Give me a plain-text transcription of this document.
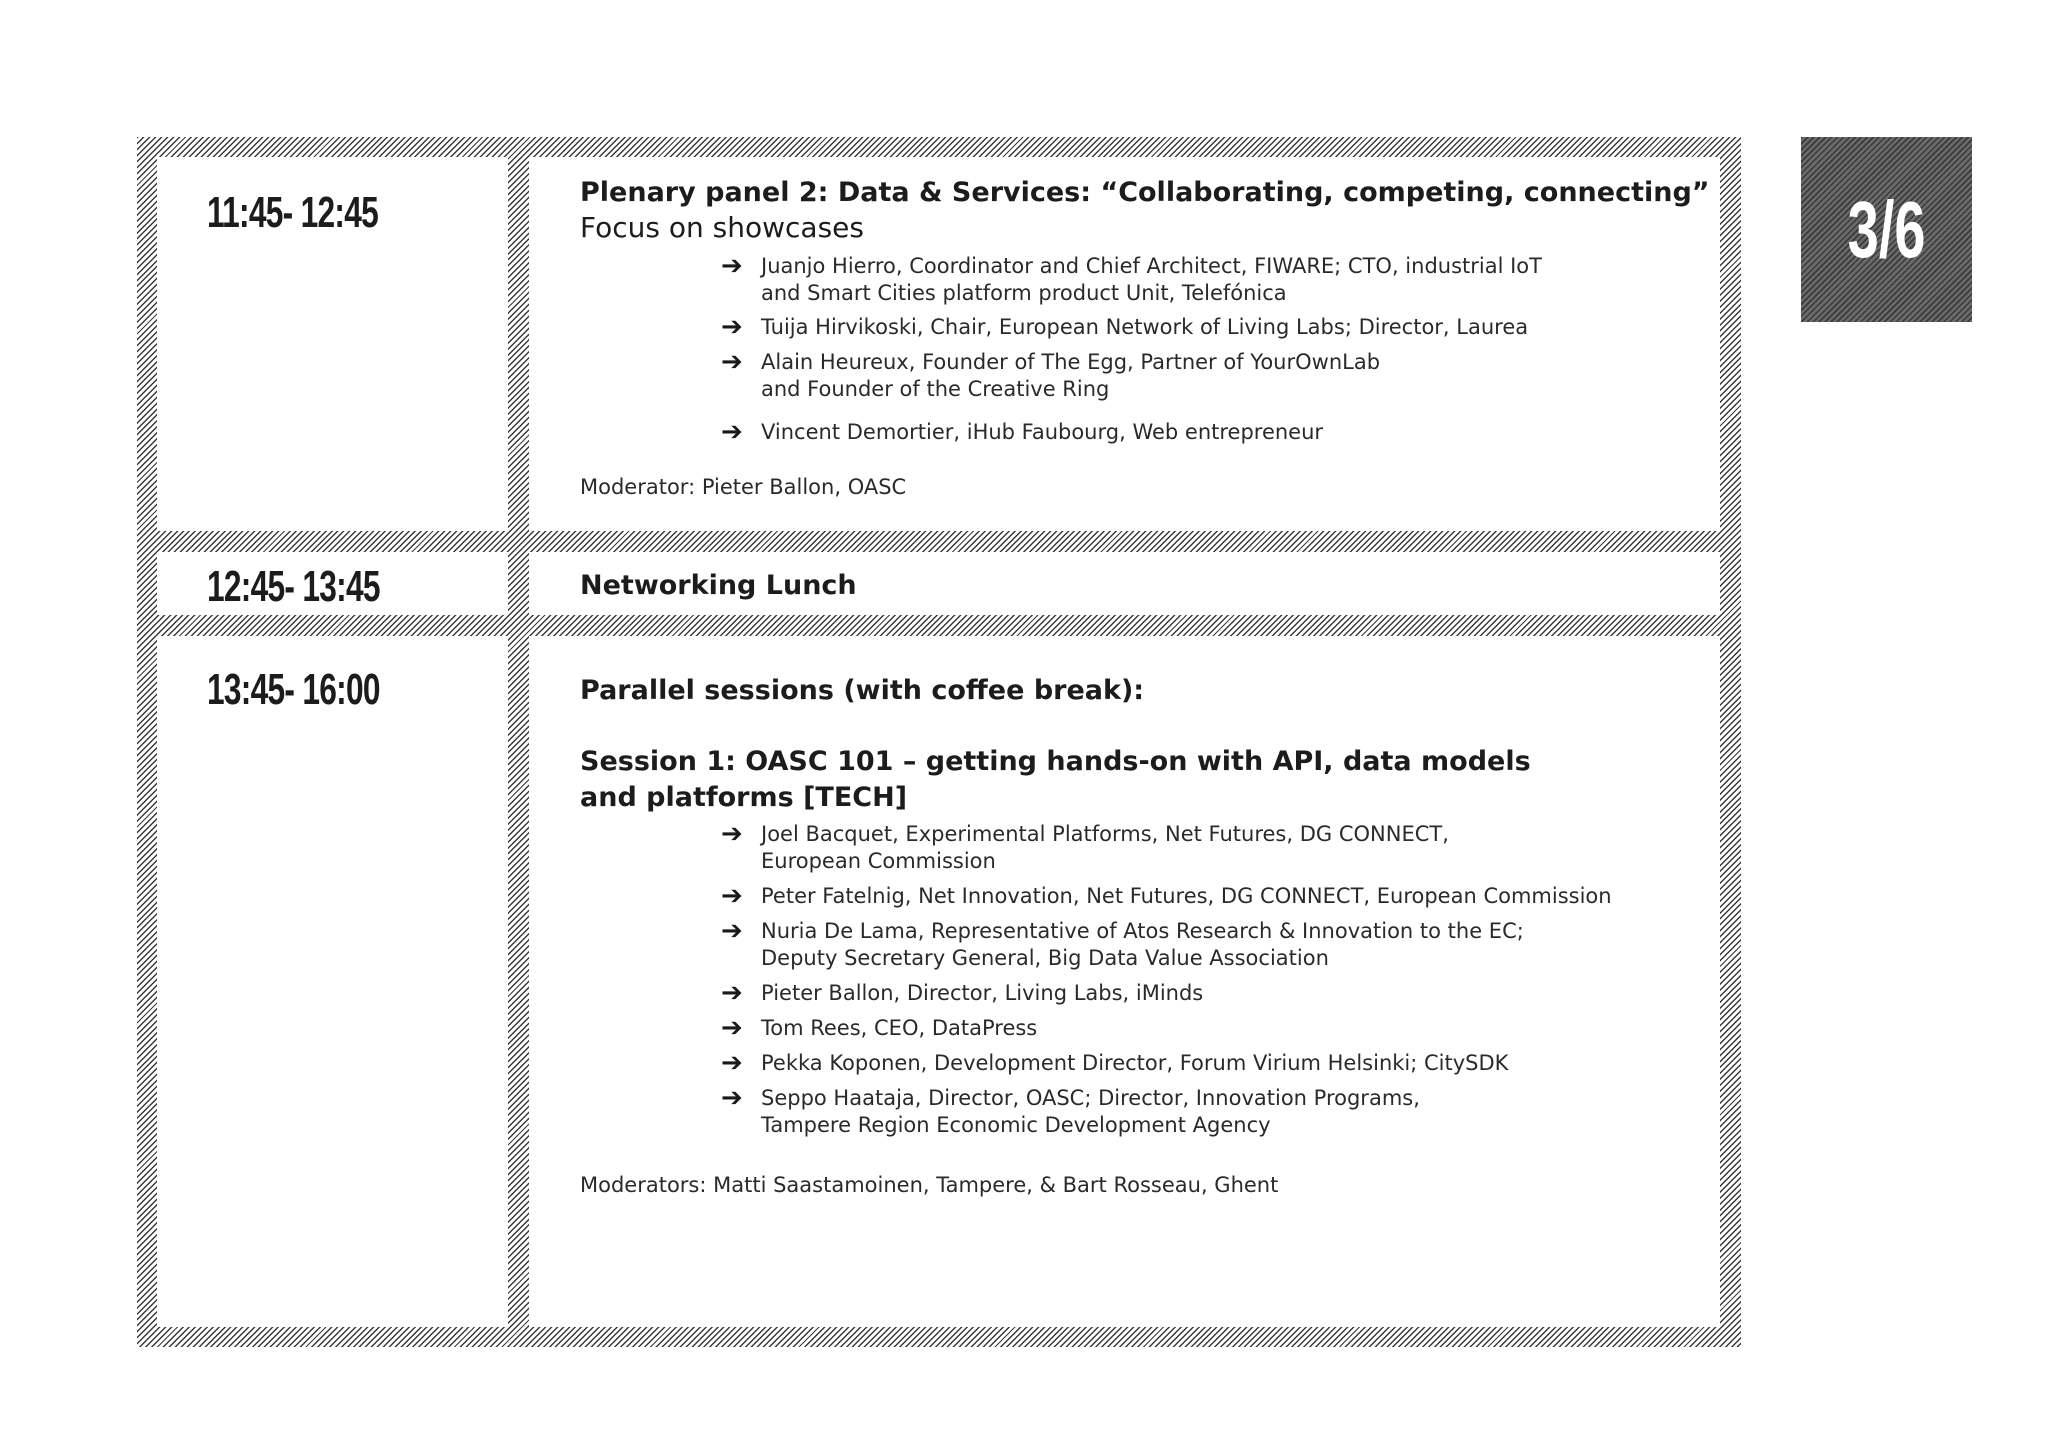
11:45- 12:45	Plenary panel 2: Data & Services: “Collaborating, competing, connecting”
Focus on showcases
➔ Juanjo Hierro, Coordinator and Chief Architect, FIWARE; CTO, industrial IoT
and Smart Cities platform product Unit, Telefónica
➔ Tuija Hirvikoski, Chair, European Network of Living Labs; Director, Laurea
➔ Alain Heureux, Founder of The Egg, Partner of YourOwnLab
and Founder of the Creative Ring
➔ Vincent Demortier, iHub Faubourg, Web entrepreneur
Moderator: Pieter Ballon, OASC
12:45- 13:45	Networking Lunch
13:45- 16:00	Parallel sessions (with coffee break):
Session 1: OASC 101 – getting hands-on with API, data models
and platforms [TECH]
➔ Joel Bacquet, Experimental Platforms, Net Futures, DG CONNECT,
European Commission
➔ Peter Fatelnig, Net Innovation, Net Futures, DG CONNECT, European Commission
➔ Nuria De Lama, Representative of Atos Research & Innovation to the EC;
Deputy Secretary General, Big Data Value Association
➔ Pieter Ballon, Director, Living Labs, iMinds
➔ Tom Rees, CEO, DataPress
➔ Pekka Koponen, Development Director, Forum Virium Helsinki; CitySDK
➔ Seppo Haataja, Director, OASC; Director, Innovation Programs,
Tampere Region Economic Development Agency
Moderators: Matti Saastamoinen, Tampere, & Bart Rosseau, Ghent
3/6
